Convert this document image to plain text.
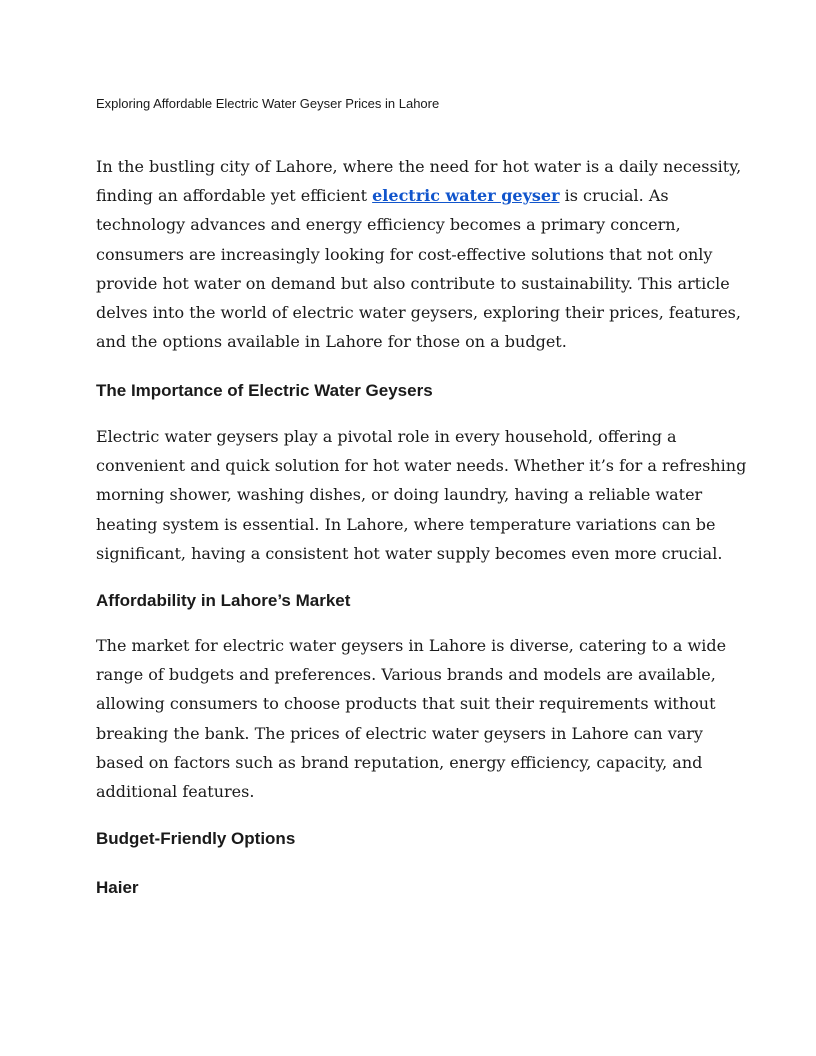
Exploring Affordable Electric Water Geyser Prices in Lahore

In the bustling city of Lahore, where the need for hot water is a daily necessity,
finding an affordable yet efficient electric water geyser is crucial. As
technology advances and energy efficiency becomes a primary concern,
consumers are increasingly looking for cost-effective solutions that not only
provide hot water on demand but also contribute to sustainability. This article
delves into the world of electric water geysers, exploring their prices, features,
and the options available in Lahore for those on a budget.

The Importance of Electric Water Geysers

Electric water geysers play a pivotal role in every household, offering a
convenient and quick solution for hot water needs. Whether it’s for a refreshing
morning shower, washing dishes, or doing laundry, having a reliable water
heating system is essential. In Lahore, where temperature variations can be
significant, having a consistent hot water supply becomes even more crucial.

Affordability in Lahore’s Market

The market for electric water geysers in Lahore is diverse, catering to a wide
range of budgets and preferences. Various brands and models are available,
allowing consumers to choose products that suit their requirements without
breaking the bank. The prices of electric water geysers in Lahore can vary
based on factors such as brand reputation, energy efficiency, capacity, and
additional features.

Budget-Friendly Options
Haier
